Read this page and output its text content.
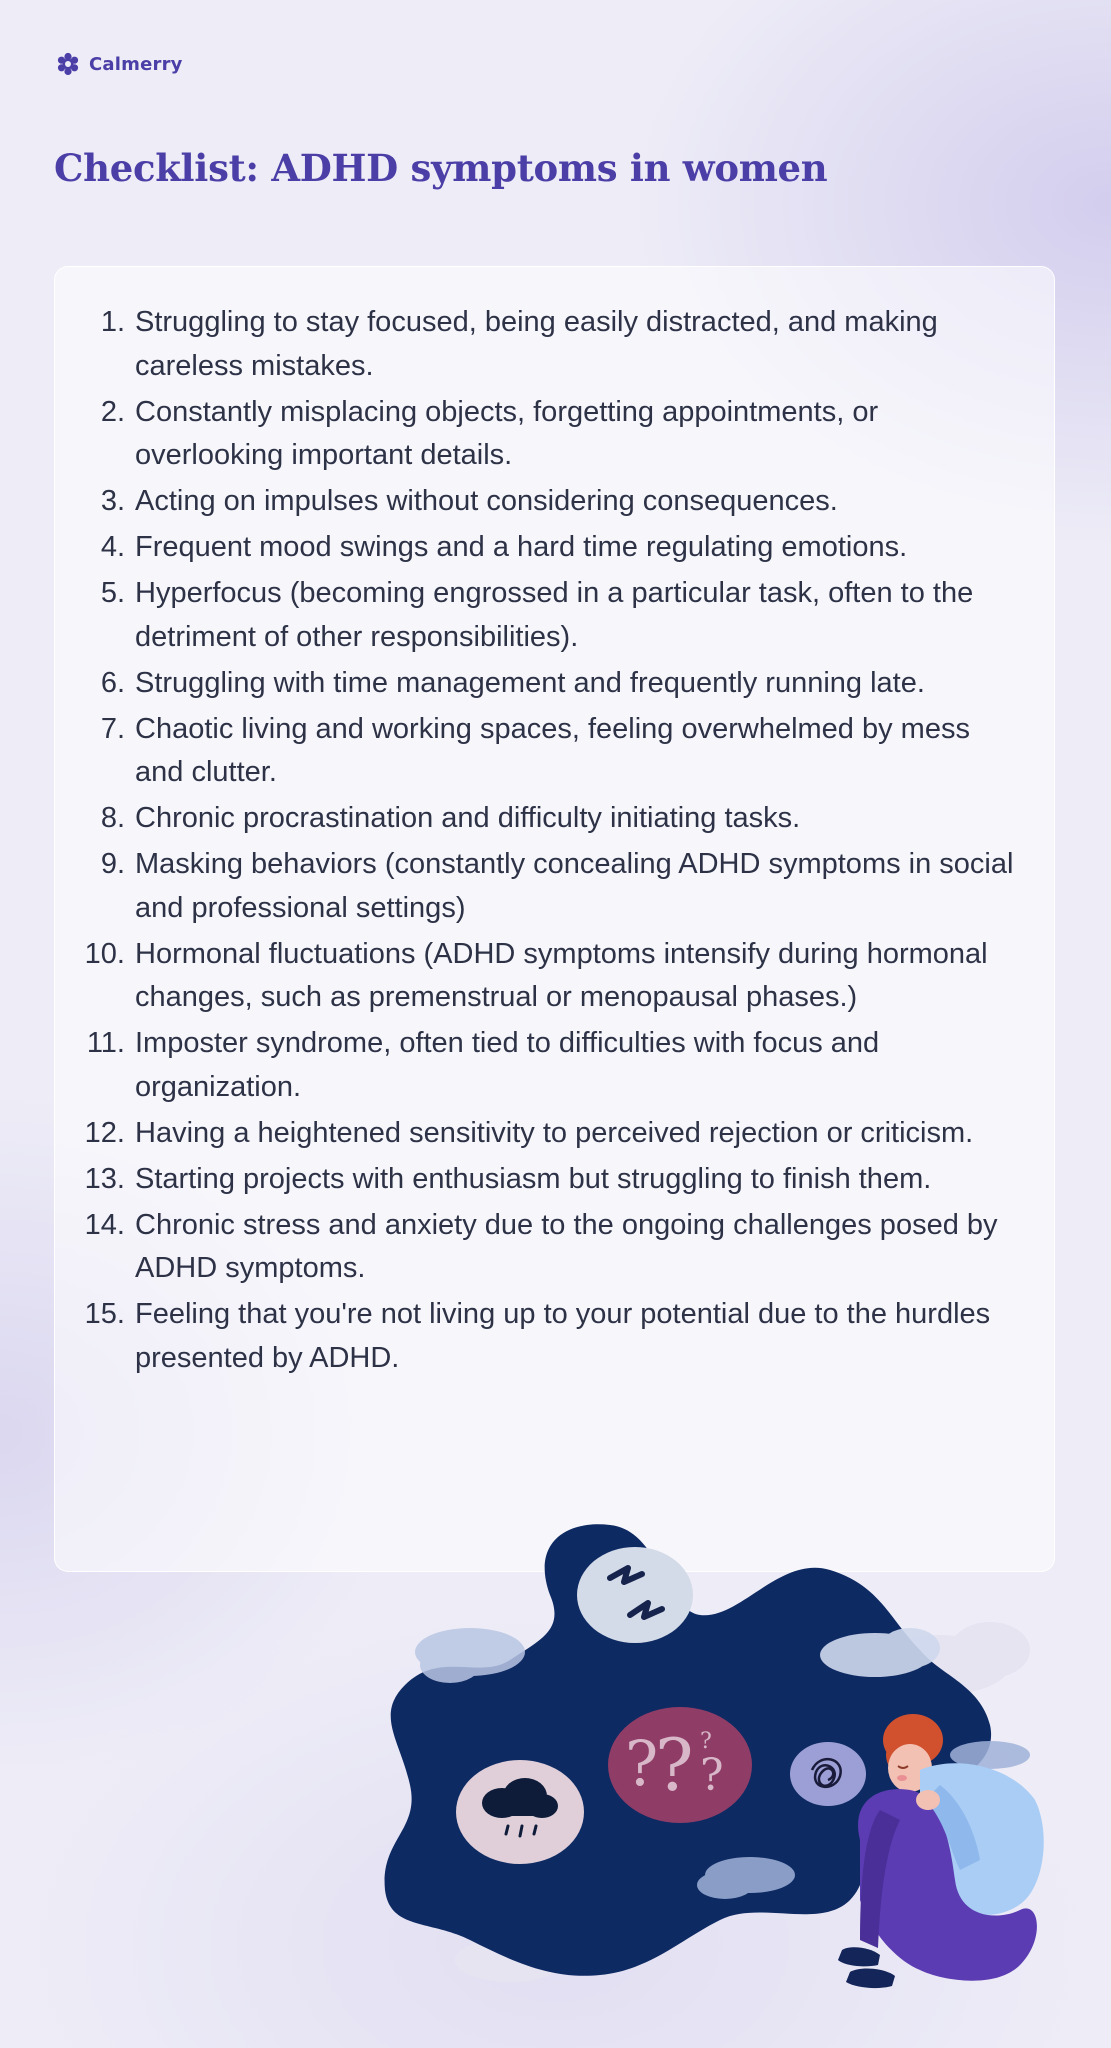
Calmerry
Checklist: ADHD symptoms in women
1. Struggling to stay focused, being easily distracted, and making careless mistakes.
2. Constantly misplacing objects, forgetting appointments, or overlooking important details.
3. Acting on impulses without considering consequences.
4. Frequent mood swings and a hard time regulating emotions.
5. Hyperfocus (becoming engrossed in a particular task, often to the detriment of other responsibilities).
6. Struggling with time management and frequently running late.
7. Chaotic living and working spaces, feeling overwhelmed by mess and clutter.
8. Chronic procrastination and difficulty initiating tasks.
9. Masking behaviors (constantly concealing ADHD symptoms in social and professional settings)
10. Hormonal fluctuations (ADHD symptoms intensify during hormonal changes, such as premenstrual or menopausal phases.)
11. Imposter syndrome, often tied to difficulties with focus and organization.
12. Having a heightened sensitivity to perceived rejection or criticism.
13. Starting projects with enthusiasm but struggling to finish them.
14. Chronic stress and anxiety due to the ongoing challenges posed by ADHD symptoms.
15. Feeling that you're not living up to your potential due to the hurdles presented by ADHD.
?
? ?
?
